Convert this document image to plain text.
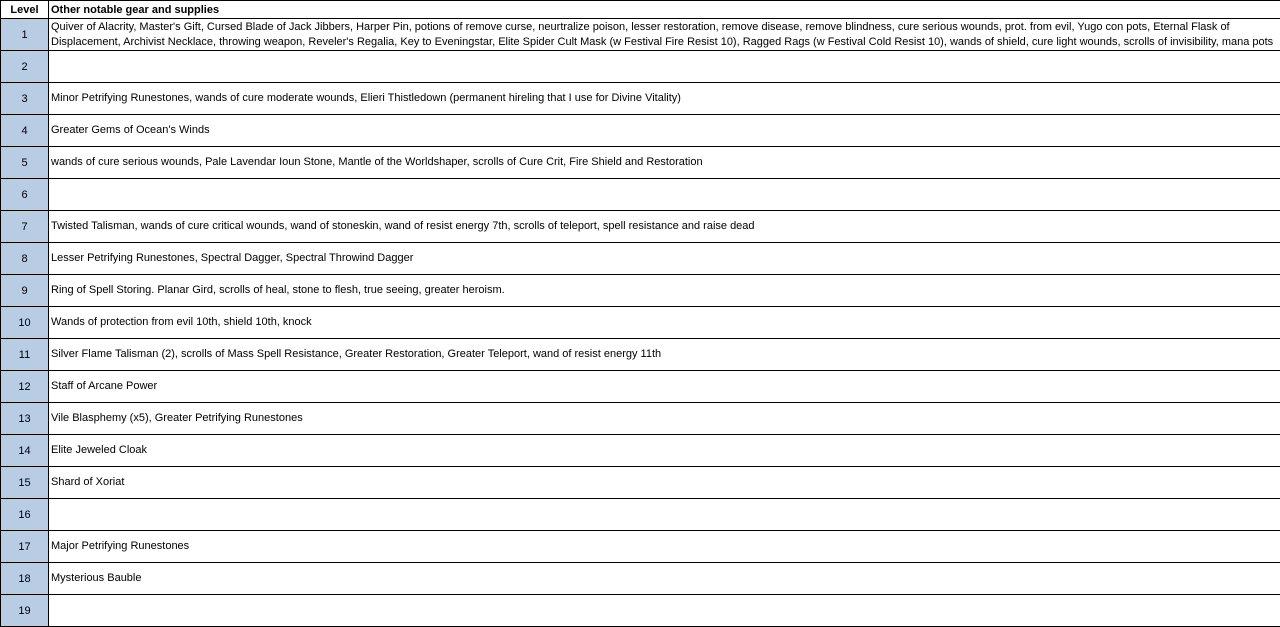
Level	Other notable gear and supplies
1	Quiver of Alacrity, Master's Gift, Cursed Blade of Jack Jibbers, Harper Pin, potions of remove curse, neurtralize poison, lesser restoration, remove disease, remove blindness, cure serious wounds, prot. from evil, Yugo con pots, Eternal Flask of Displacement, Archivist Necklace, throwing weapon, Reveler's Regalia, Key to Eveningstar, Elite Spider Cult Mask (w Festival Fire Resist 10), Ragged Rags (w Festival Cold Resist 10), wands of shield, cure light wounds, scrolls of invisibility, mana pots
2	
3	Minor Petrifying Runestones, wands of cure moderate wounds, Elieri Thistledown (permanent hireling that I use for Divine Vitality)
4	Greater Gems of Ocean's Winds
5	wands of cure serious wounds, Pale Lavendar Ioun Stone, Mantle of the Worldshaper, scrolls of Cure Crit, Fire Shield and Restoration
6	
7	Twisted Talisman, wands of cure critical wounds, wand of stoneskin, wand of resist energy 7th, scrolls of teleport, spell resistance and raise dead
8	Lesser Petrifying Runestones, Spectral Dagger, Spectral Throwind Dagger
9	Ring of Spell Storing. Planar Gird, scrolls of heal, stone to flesh, true seeing, greater heroism.
10	Wands of protection from evil 10th, shield 10th, knock
11	Silver Flame Talisman (2), scrolls of Mass Spell Resistance, Greater Restoration, Greater Teleport, wand of resist energy 11th
12	Staff of Arcane Power
13	Vile Blasphemy (x5), Greater Petrifying Runestones
14	Elite Jeweled Cloak
15	Shard of Xoriat
16	
17	Major Petrifying Runestones
18	Mysterious Bauble
19	
